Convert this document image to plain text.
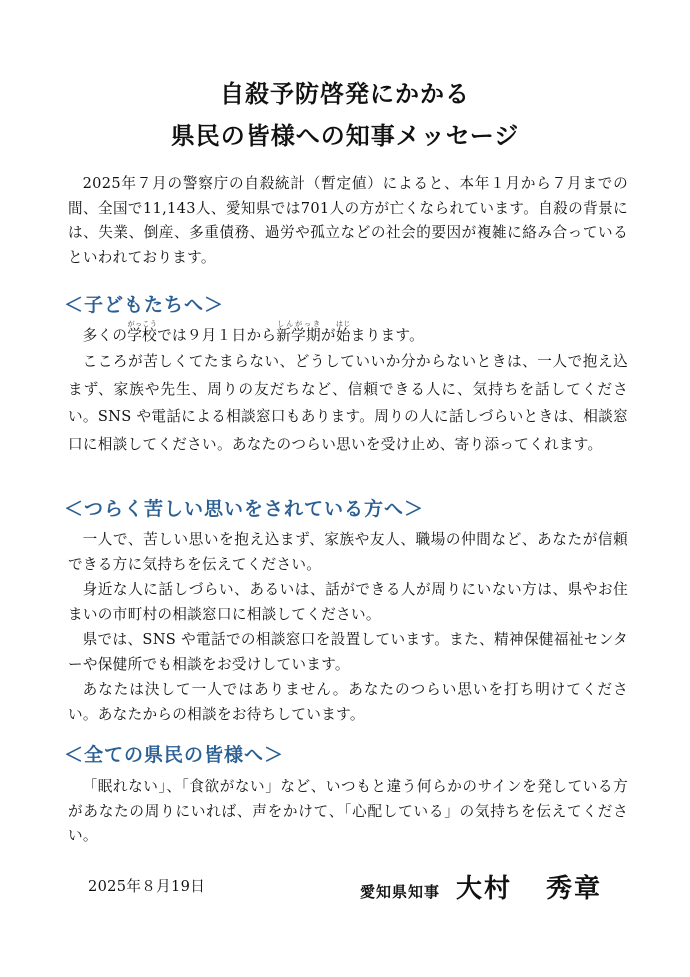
自殺予防啓発にかかる
県民の皆様への知事メッセージ

2025年７月の警察庁の自殺統計（暫定値）によると、本年１月から７月までの間、全国で11,143人、愛知県では701人の方が亡くなられています。自殺の背景には、失業、倒産、多重債務、過労や孤立などの社会的要因が複雑に絡み合っているといわれております。

＜子どもたちへ＞

多くの学校がっこうでは９月１日から新学期しんがっきが始はじまります。

こころが苦しくてたまらない、どうしていいか分からないときは、一人で抱え込まず、家族や先生、周りの友だちなど、信頼できる人に、気持ちを話してください。SNS や電話による相談窓口もあります。周りの人に話しづらいときは、相談窓口に相談してください。あなたのつらい思いを受け止め、寄り添ってくれます。

＜つらく苦しい思いをされている方へ＞

一人で、苦しい思いを抱え込まず、家族や友人、職場の仲間など、あなたが信頼できる方に気持ちを伝えてください。

身近な人に話しづらい、あるいは、話ができる人が周りにいない方は、県やお住まいの市町村の相談窓口に相談してください。

県では、SNS や電話での相談窓口を設置しています。また、精神保健福祉センターや保健所でも相談をお受けしています。

あなたは決して一人ではありません。あなたのつらい思いを打ち明けてください。あなたからの相談をお待ちしています。

＜全ての県民の皆様へ＞

「眠れない」、「食欲がない」など、いつもと違う何らかのサインを発している方があなたの周りにいれば、声をかけて、「心配している」の気持ちを伝えてください。

2025年８月19日	愛知県知事 大村 秀章
